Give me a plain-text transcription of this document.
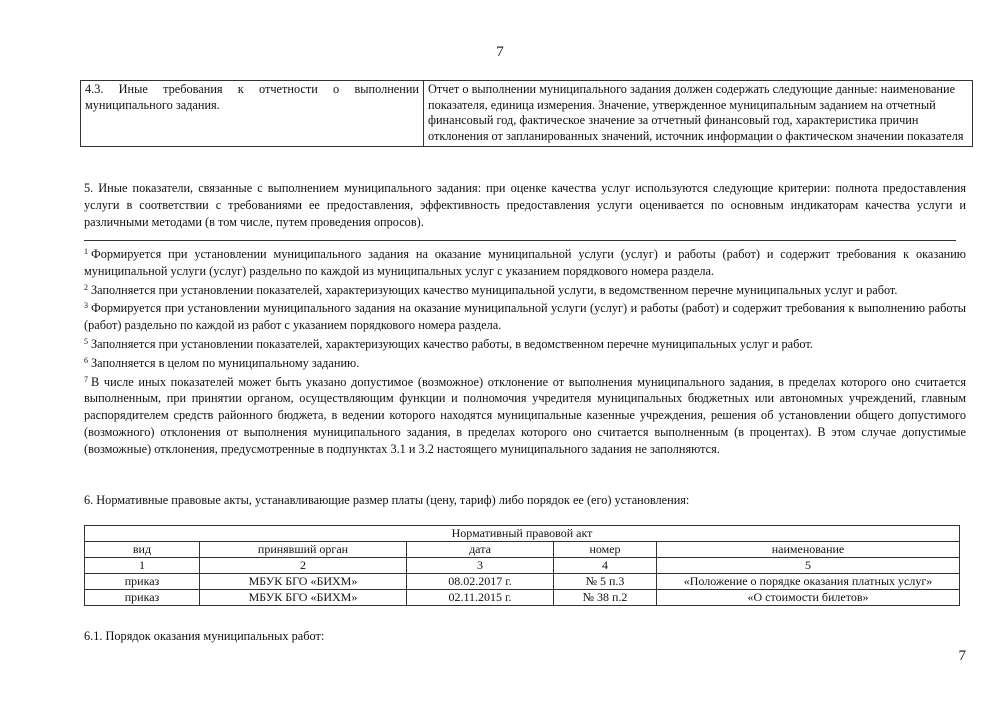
7
4.3. Иные требования к отчетности о выполнении муниципального задания.	Отчет о выполнении муниципального задания должен содержать следующие данные: наименование показателя, единица измерения. Значение, утвержденное муниципальным заданием на отчетный финансовый год, фактическое значение за отчетный финансовый год, характеристика причин отклонения от запланированных значений, источник информации о фактическом значении показателя
5. Иные показатели, связанные с выполнением муниципального задания: при оценке качества услуг используются следующие критерии: полнота предоставления услуги в соответствии с требованиями ее предоставления, эффективность предоставления услуги оценивается по основным индикаторам качества услуги и различными методами (в том числе, путем проведения опросов).

$^1$ Формируется при установлении муниципального задания на оказание муниципальной услуги (услуг) и работы (работ) и содержит требования к оказанию муниципальной услуги (услуг) раздельно по каждой из муниципальных услуг с указанием порядкового номера раздела.

$^2$ Заполняется при установлении показателей, характеризующих качество муниципальной услуги, в ведомственном перечне муниципальных услуг и работ.

$^3$ Формируется при установлении муниципального задания на оказание муниципальной услуги (услуг) и работы (работ) и содержит требования к выполнению работы (работ) раздельно по каждой из работ с указанием порядкового номера раздела.

$^5$ Заполняется при установлении показателей, характеризующих качество работы, в ведомственном перечне муниципальных услуг и работ.

$^6$ Заполняется в целом по муниципальному заданию.

$^7$ В числе иных показателей может быть указано допустимое (возможное) отклонение от выполнения муниципального задания, в пределах которого оно считается выполненным, при принятии органом, осуществляющим функции и полномочия учредителя муниципальных бюджетных или автономных учреждений, главным распорядителем средств районного бюджета, в ведении которого находятся муниципальные казенные учреждения, решения об установлении общего допустимого (возможного) отклонения от выполнения муниципального задания, в пределах которого оно считается выполненным (в процентах). В этом случае допустимые (возможные) отклонения, предусмотренные в подпунктах 3.1 и 3.2 настоящего муниципального задания не заполняются.

6. Нормативные правовые акты, устанавливающие размер платы (цену, тариф) либо порядок ее (его) установления:
Нормативный правовой акт				
вид	принявший орган	дата	номер	наименование
1	2	3	4	5
приказ	МБУК БГО «БИХМ»	08.02.2017 г.	№ 5 п.3	«Положение о порядке оказания платных услуг»
приказ	МБУК БГО «БИХМ»	02.11.2015 г.	№ 38 п.2	«О стоимости билетов»
6.1. Порядок оказания муниципальных работ:
7
